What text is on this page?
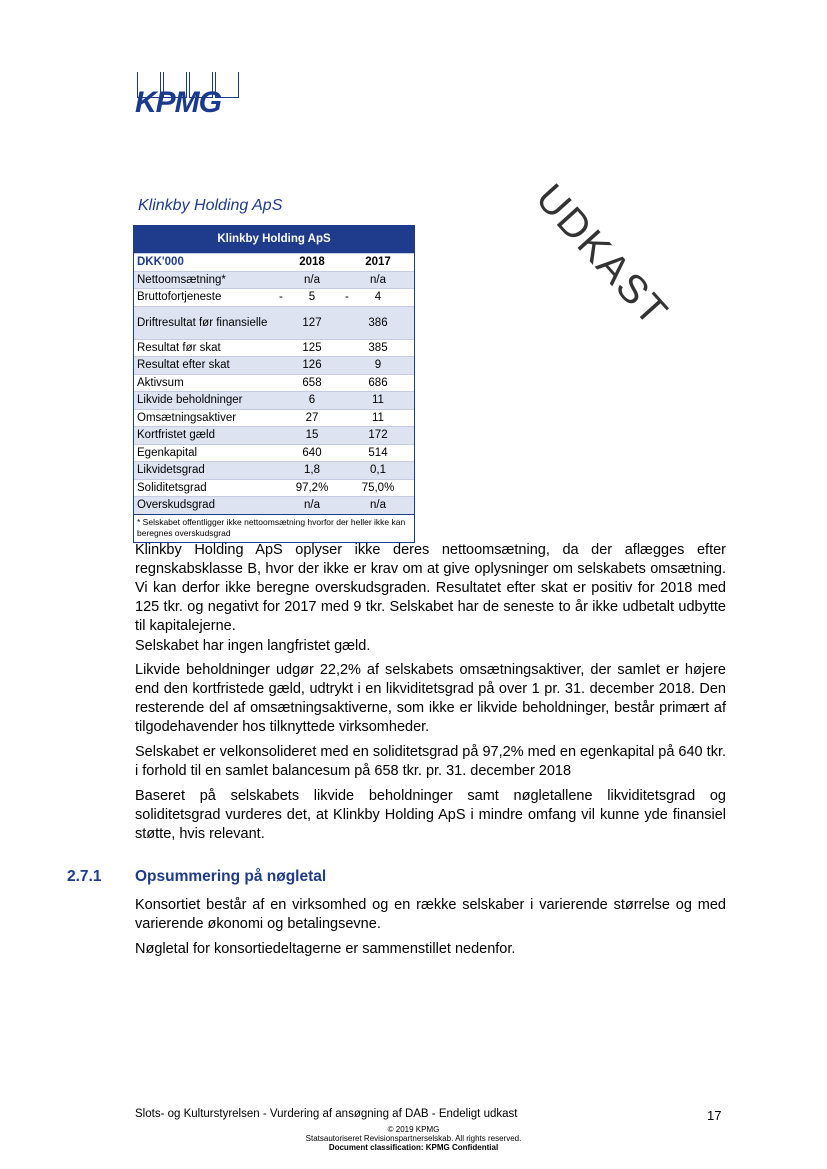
KPMG
UDKAST
Klinkby Holding ApS
Klinkby Holding ApS
DKK'000	2018	2017
Nettoomsætning*	n/a	n/a
Bruttofortjeneste	- 5	- 4
Driftresultat før finansielle	127	386
Resultat før skat	125	385
Resultat efter skat	126	9
Aktivsum	658	686
Likvide beholdninger	6	11
Omsætningsaktiver	27	11
Kortfristet gæld	15	172
Egenkapital	640	514
Likvidetsgrad	1,8	0,1
Soliditetsgrad	97,2%	75,0%
Overskudsgrad	n/a	n/a
* Selskabet offentligger ikke nettoomsætning hvorfor der heller ikke kan beregnes overskudsgrad

Klinkby Holding ApS oplyser ikke deres nettoomsætning, da der aflægges efter regnskabsklasse B, hvor der ikke er krav om at give oplysninger om selskabets omsætning. Vi kan derfor ikke beregne overskudsgraden. Resultatet efter skat er positiv for 2018 med 125 tkr. og negativt for 2017 med 9 tkr. Selskabet har de seneste to år ikke udbetalt udbytte til kapitalejerne.

Selskabet har ingen langfristet gæld.

Likvide beholdninger udgør 22,2% af selskabets omsætningsaktiver, der samlet er højere end den kortfristede gæld, udtrykt i en likviditetsgrad på over 1 pr. 31. december 2018. Den resterende del af omsætningsaktiverne, som ikke er likvide beholdninger, består primært af tilgodehavender hos tilknyttede virksomheder.

Selskabet er velkonsolideret med en soliditetsgrad på 97,2% med en egenkapital på 640 tkr. i forhold til en samlet balancesum på 658 tkr. pr. 31. december 2018

Baseret på selskabets likvide beholdninger samt nøgletallene likviditetsgrad og soliditetsgrad vurderes det, at Klinkby Holding ApS i mindre omfang vil kunne yde finansiel støtte, hvis relevant.

2.7.1 Opsummering på nøgletal

Konsortiet består af en virksomhed og en række selskaber i varierende størrelse og med varierende økonomi og betalingsevne.

Nøgletal for konsortiedeltagerne er sammenstillet nedenfor.

Slots- og Kulturstyrelsen - Vurdering af ansøgning af DAB - Endeligt udkast	17
© 2019 KPMG
Statsautoriseret Revisionspartnerselskab. All rights reserved.
Document classification: KPMG Confidential
